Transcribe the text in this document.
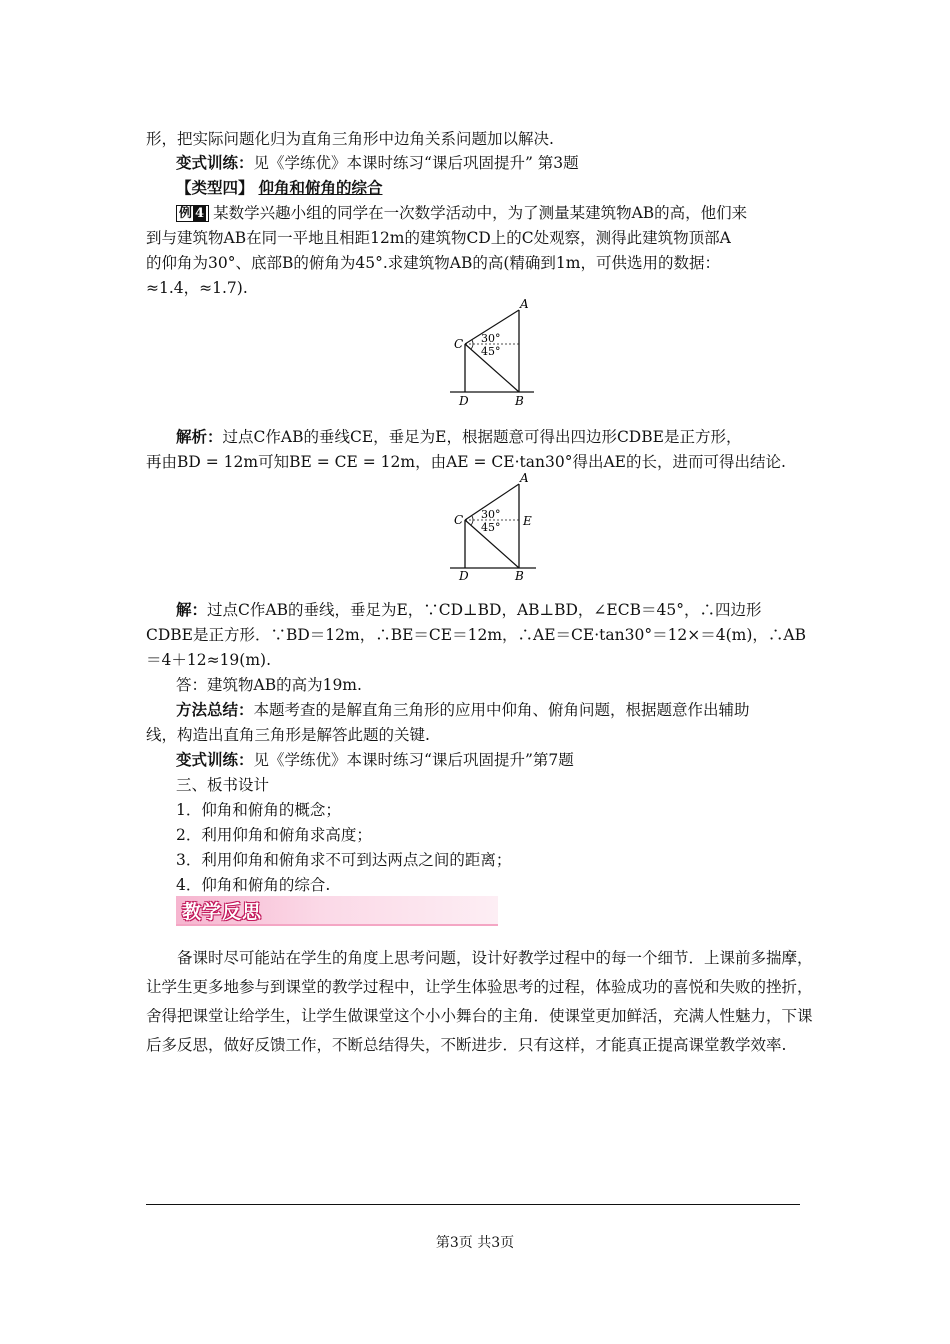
形，把实际问题化归为直角三角形中边角关系问题加以解决.
变式训练：见《学练优》本课时练习“课后巩固提升” 第3题
【类型四】 仰角和俯角的综合
例 4 某数学兴趣小组的同学在一次数学活动中，为了测量某建筑物AB的高，他们来
到与建筑物AB在同一平地且相距12m的建筑物CD上的C处观察，测得此建筑物顶部A
的仰角为30°、底部B的俯角为45°.求建筑物AB的高(精确到1m，可供选用的数据：
≈1.4，≈1.7).
A
C
D	B
30°
45°
解析：过点C作AB的垂线CE，垂足为E，根据题意可得出四边形CDBE是正方形，
再由BD = 12m可知BE = CE = 12m，由AE = CE·tan30°得出AE的长，进而可得出结论.
A
C	E
D	B
30°
45°
解：过点C作AB的垂线，垂足为E，∵CD⊥BD，AB⊥BD，∠ECB＝45°，∴四边形
CDBE是正方形．∵BD＝12m，∴BE＝CE＝12m，∴AE＝CE·tan30°＝12×＝4(m)，∴AB
＝4＋12≈19(m).
答：建筑物AB的高为19m.
方法总结：本题考查的是解直角三角形的应用中仰角、俯角问题，根据题意作出辅助
线，构造出直角三角形是解答此题的关键.
变式训练：见《学练优》本课时练习“课后巩固提升”第7题
三、板书设计
1．仰角和俯角的概念；
2．利用仰角和俯角求高度；
3．利用仰角和俯角求不可到达两点之间的距离；
4．仰角和俯角的综合.
教学反思
备课时尽可能站在学生的角度上思考问题，设计好教学过程中的每一个细节．上课前多揣摩，让学生更多地参与到课堂的教学过程中，让学生体验思考的过程，体验成功的喜悦和失败的挫折，舍得把课堂让给学生，让学生做课堂这个小小舞台的主角．使课堂更加鲜活，充满人性魅力，下课后多反思，做好反馈工作，不断总结得失，不断进步．只有这样，才能真正提高课堂教学效率.
第3页 共3页
